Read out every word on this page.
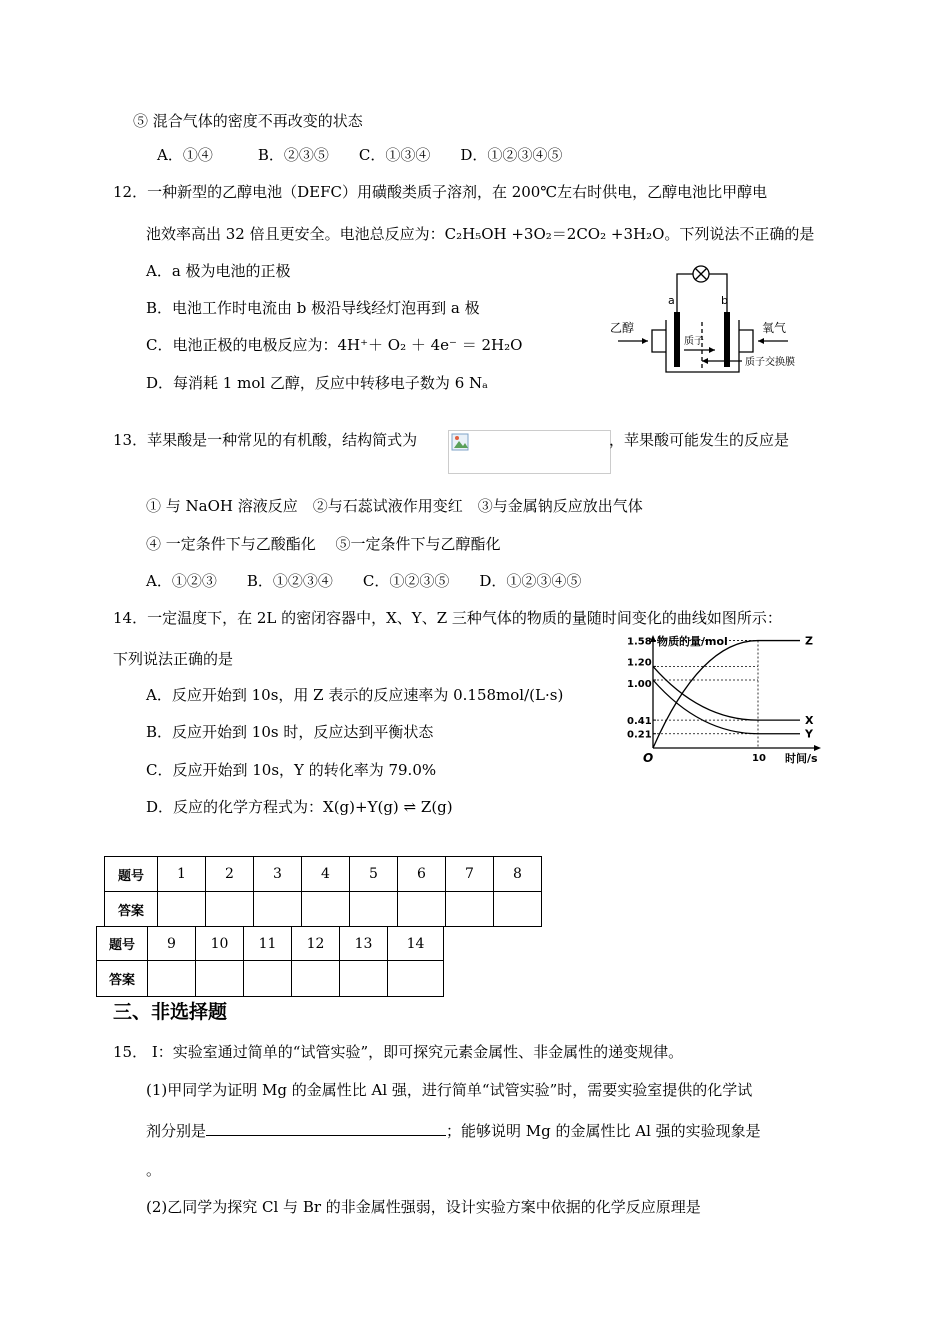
⑤ 混合气体的密度不再改变的状态
A．①④　　　B．②③⑤　　C．①③④　　D．①②③④⑤
12．一种新型的乙醇电池（DEFC）用磺酸类质子溶剂，在 200℃左右时供电，乙醇电池比甲醇电
池效率高出 32 倍且更安全。电池总反应为：C₂H₅OH +3O₂＝2CO₂ +3H₂O。下列说法不正确的是
A．a 极为电池的正极
B．电池工作时电流由 b 极沿导线经灯泡再到 a 极
C．电池正极的电极反应为：4H⁺＋ O₂ ＋ 4e⁻ ＝ 2H₂O
D．每消耗 1 mol 乙醇，反应中转移电子数为 6 Nₐ
a	b
乙醇	氧气
质子
质子交换膜
13．苹果酸是一种常见的有机酸，结构简式为	，苹果酸可能发生的反应是
① 与 NaOH 溶液反应　②与石蕊试液作用变红　③与金属钠反应放出气体
④ 一定条件下与乙酸酯化　 ⑤一定条件下与乙醇酯化
A．①②③　　B．①②③④　　C．①②③⑤　　D．①②③④⑤
14．一定温度下，在 2L 的密闭容器中，X、Y、Z 三种气体的物质的量随时间变化的曲线如图所示：
下列说法正确的是
A．反应开始到 10s，用 Z 表示的反应速率为 0.158mol/(L·s)
B．反应开始到 10s 时，反应达到平衡状态
C．反应开始到 10s，Y 的转化率为 79.0%
D．反应的化学方程式为：X(g)+Y(g) ⇌ Z(g)
1.58
1.20
1.00
0.41
0.21
10
Z
X
Y
物质的量/mol
时间/s
O
题号	1	2	3	4	5	6	7	8
答案								
题号	9	10	11	12	13	14
答案						
三、非选择题
15． Ⅰ：实验室通过简单的“试管实验”，即可探究元素金属性、非金属性的递变规律。
(1)甲同学为证明 Mg 的金属性比 Al 强，进行简单“试管实验”时，需要实验室提供的化学试
剂分别是	；能够说明 Mg 的金属性比 Al 强的实验现象是
。
(2)乙同学为探究 Cl 与 Br 的非金属性强弱，设计实验方案中依据的化学反应原理是
